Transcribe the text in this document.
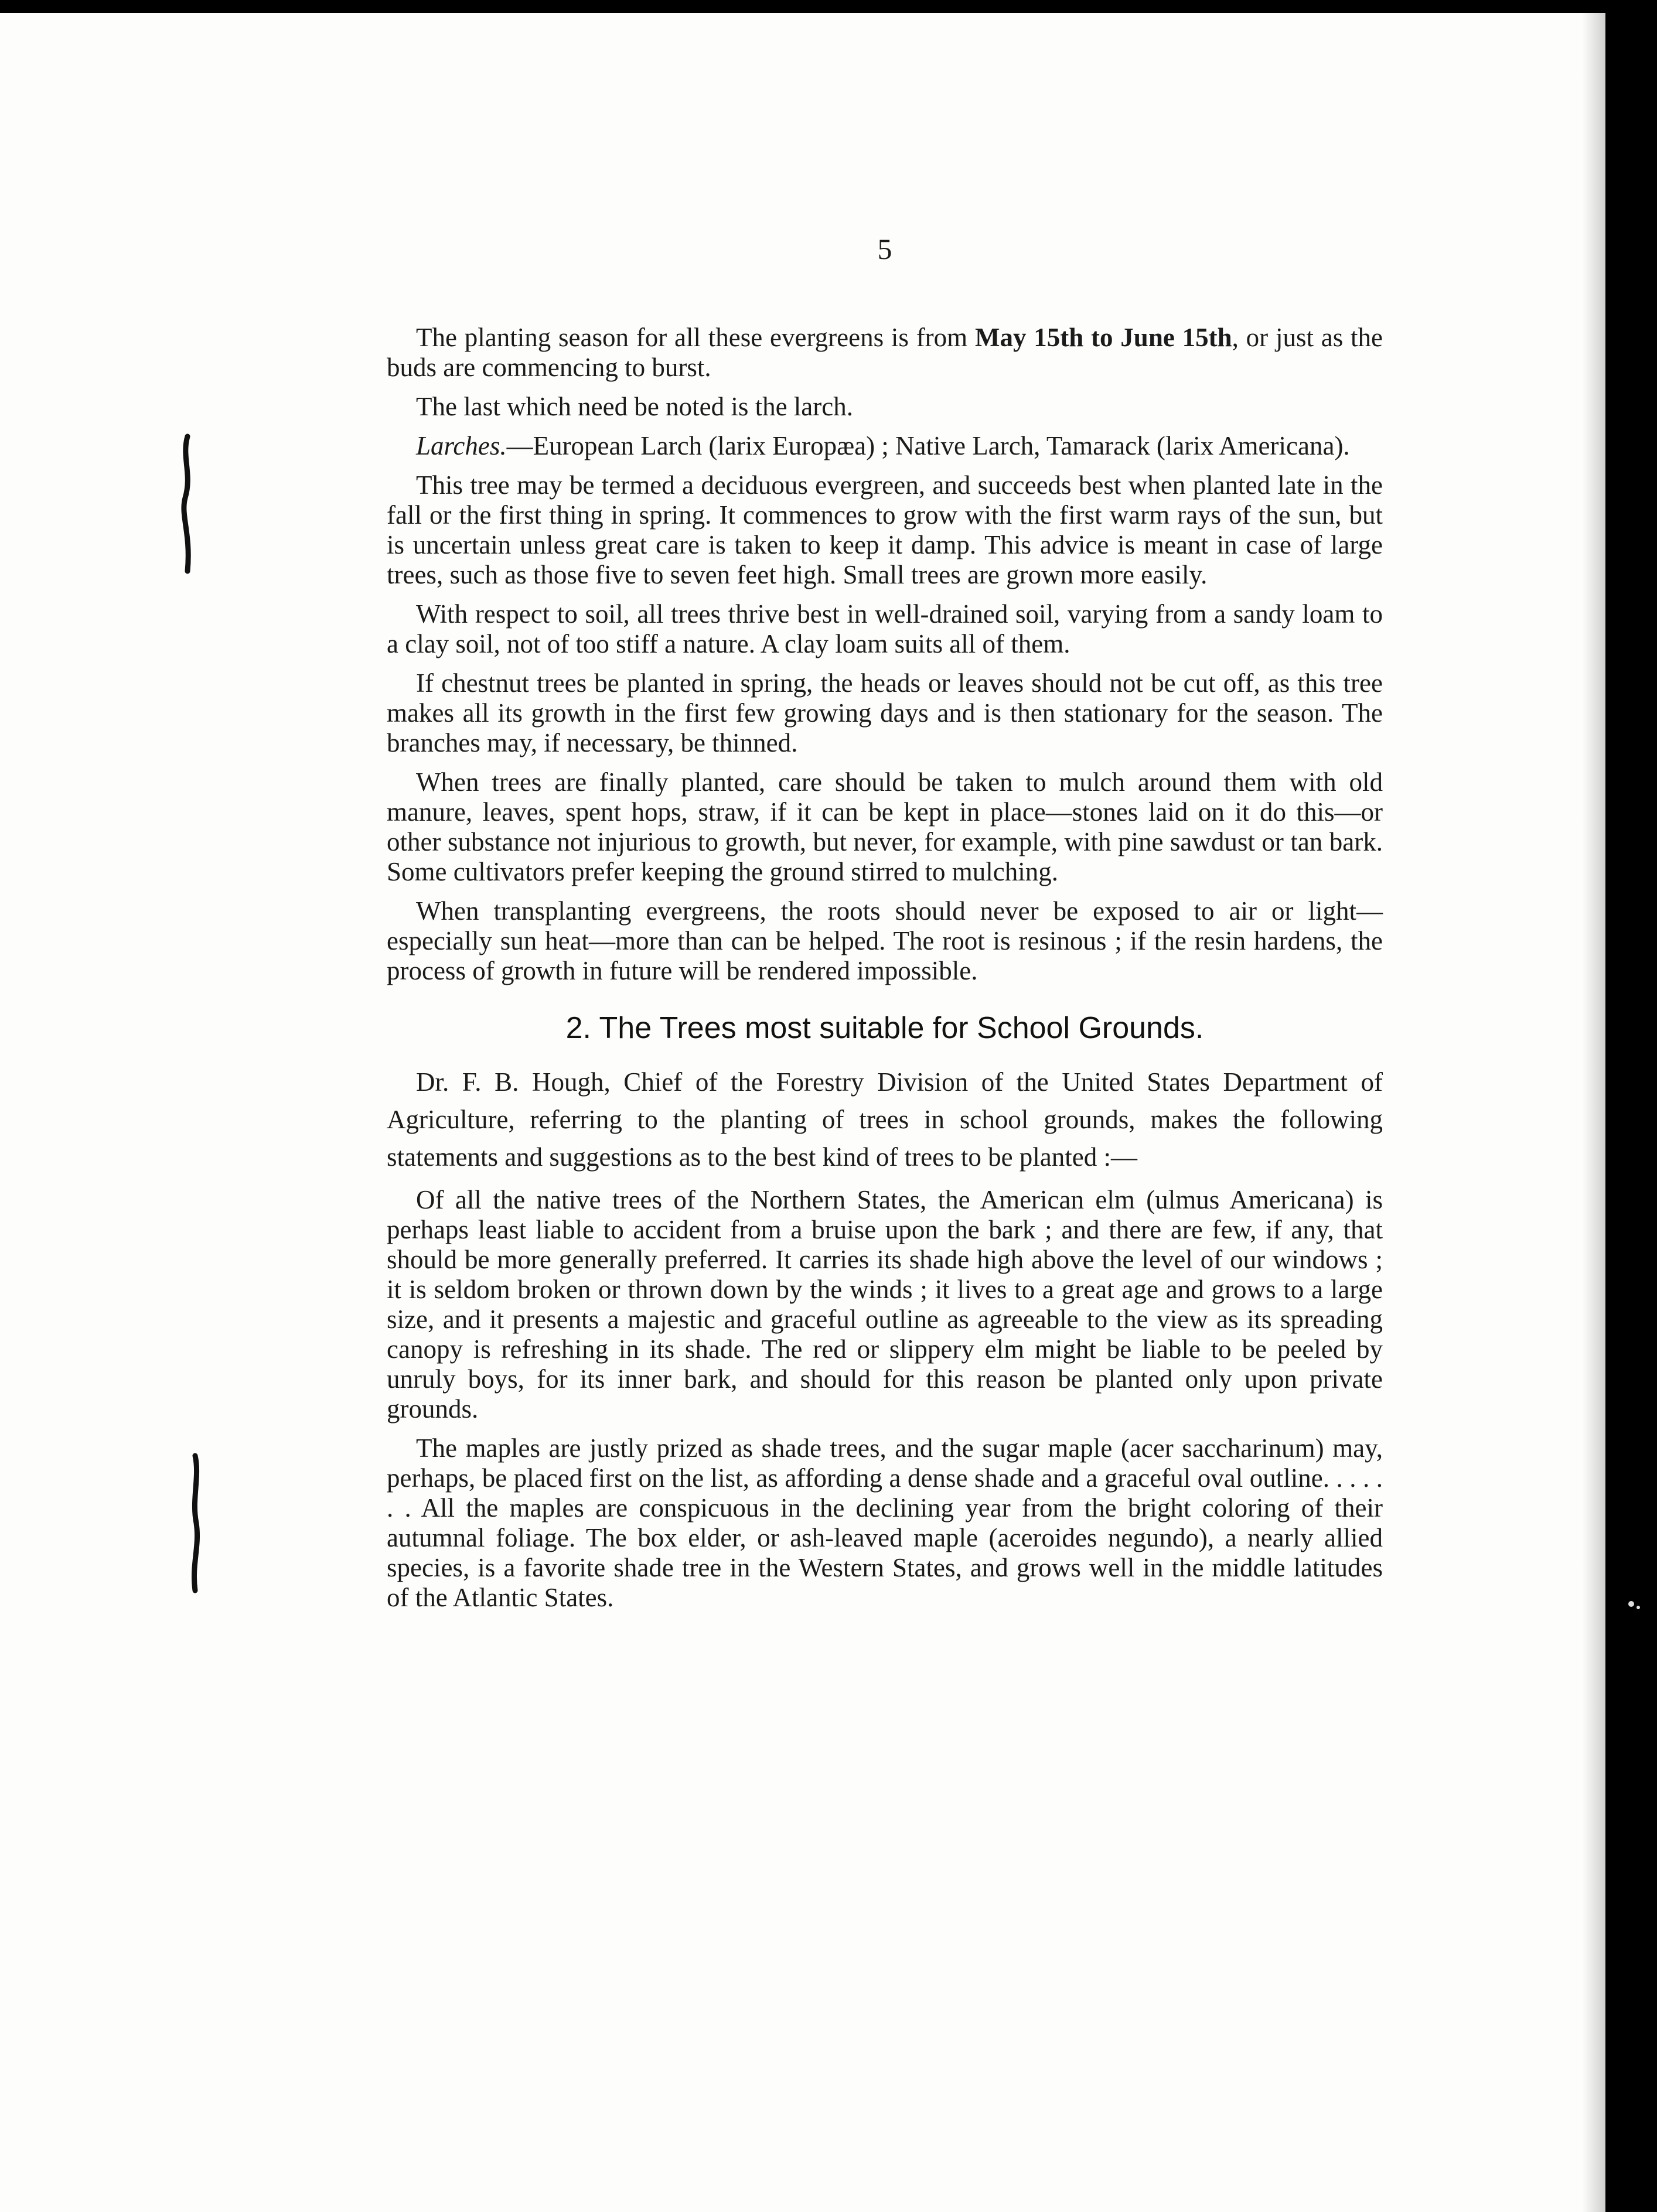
5

The planting season for all these evergreens is from May 15th to June 15th, or just as the buds are commencing to burst.

The last which need be noted is the larch.

Larches.—European Larch (larix Europæa) ; Native Larch, Tamarack (larix Americana).

This tree may be termed a deciduous evergreen, and succeeds best when planted late in the fall or the first thing in spring. It commences to grow with the first warm rays of the sun, but is uncertain unless great care is taken to keep it damp. This advice is meant in case of large trees, such as those five to seven feet high. Small trees are grown more easily.

With respect to soil, all trees thrive best in well-drained soil, varying from a sandy loam to a clay soil, not of too stiff a nature. A clay loam suits all of them.

If chestnut trees be planted in spring, the heads or leaves should not be cut off, as this tree makes all its growth in the first few growing days and is then stationary for the season. The branches may, if necessary, be thinned.

When trees are finally planted, care should be taken to mulch around them with old manure, leaves, spent hops, straw, if it can be kept in place—stones laid on it do this—or other substance not injurious to growth, but never, for example, with pine sawdust or tan bark. Some cultivators prefer keeping the ground stirred to mulching.

When transplanting evergreens, the roots should never be exposed to air or light—especially sun heat—more than can be helped. The root is resinous ; if the resin hardens, the process of growth in future will be rendered impossible.

2. The Trees most suitable for School Grounds.

Dr. F. B. Hough, Chief of the Forestry Division of the United States Department of Agriculture, referring to the planting of trees in school grounds, makes the following statements and suggestions as to the best kind of trees to be planted :—

Of all the native trees of the Northern States, the American elm (ulmus Americana) is perhaps least liable to accident from a bruise upon the bark ; and there are few, if any, that should be more generally preferred. It carries its shade high above the level of our windows ; it is seldom broken or thrown down by the winds ; it lives to a great age and grows to a large size, and it presents a majestic and graceful outline as agreeable to the view as its spreading canopy is refreshing in its shade. The red or slippery elm might be liable to be peeled by unruly boys, for its inner bark, and should for this reason be planted only upon private grounds.

The maples are justly prized as shade trees, and the sugar maple (acer saccharinum) may, perhaps, be placed first on the list, as affording a dense shade and a graceful oval outline. . . . . . . All the maples are conspicuous in the declining year from the bright coloring of their autumnal foliage. The box elder, or ash-leaved maple (aceroides negundo), a nearly allied species, is a favorite shade tree in the Western States, and grows well in the middle latitudes of the Atlantic States.
